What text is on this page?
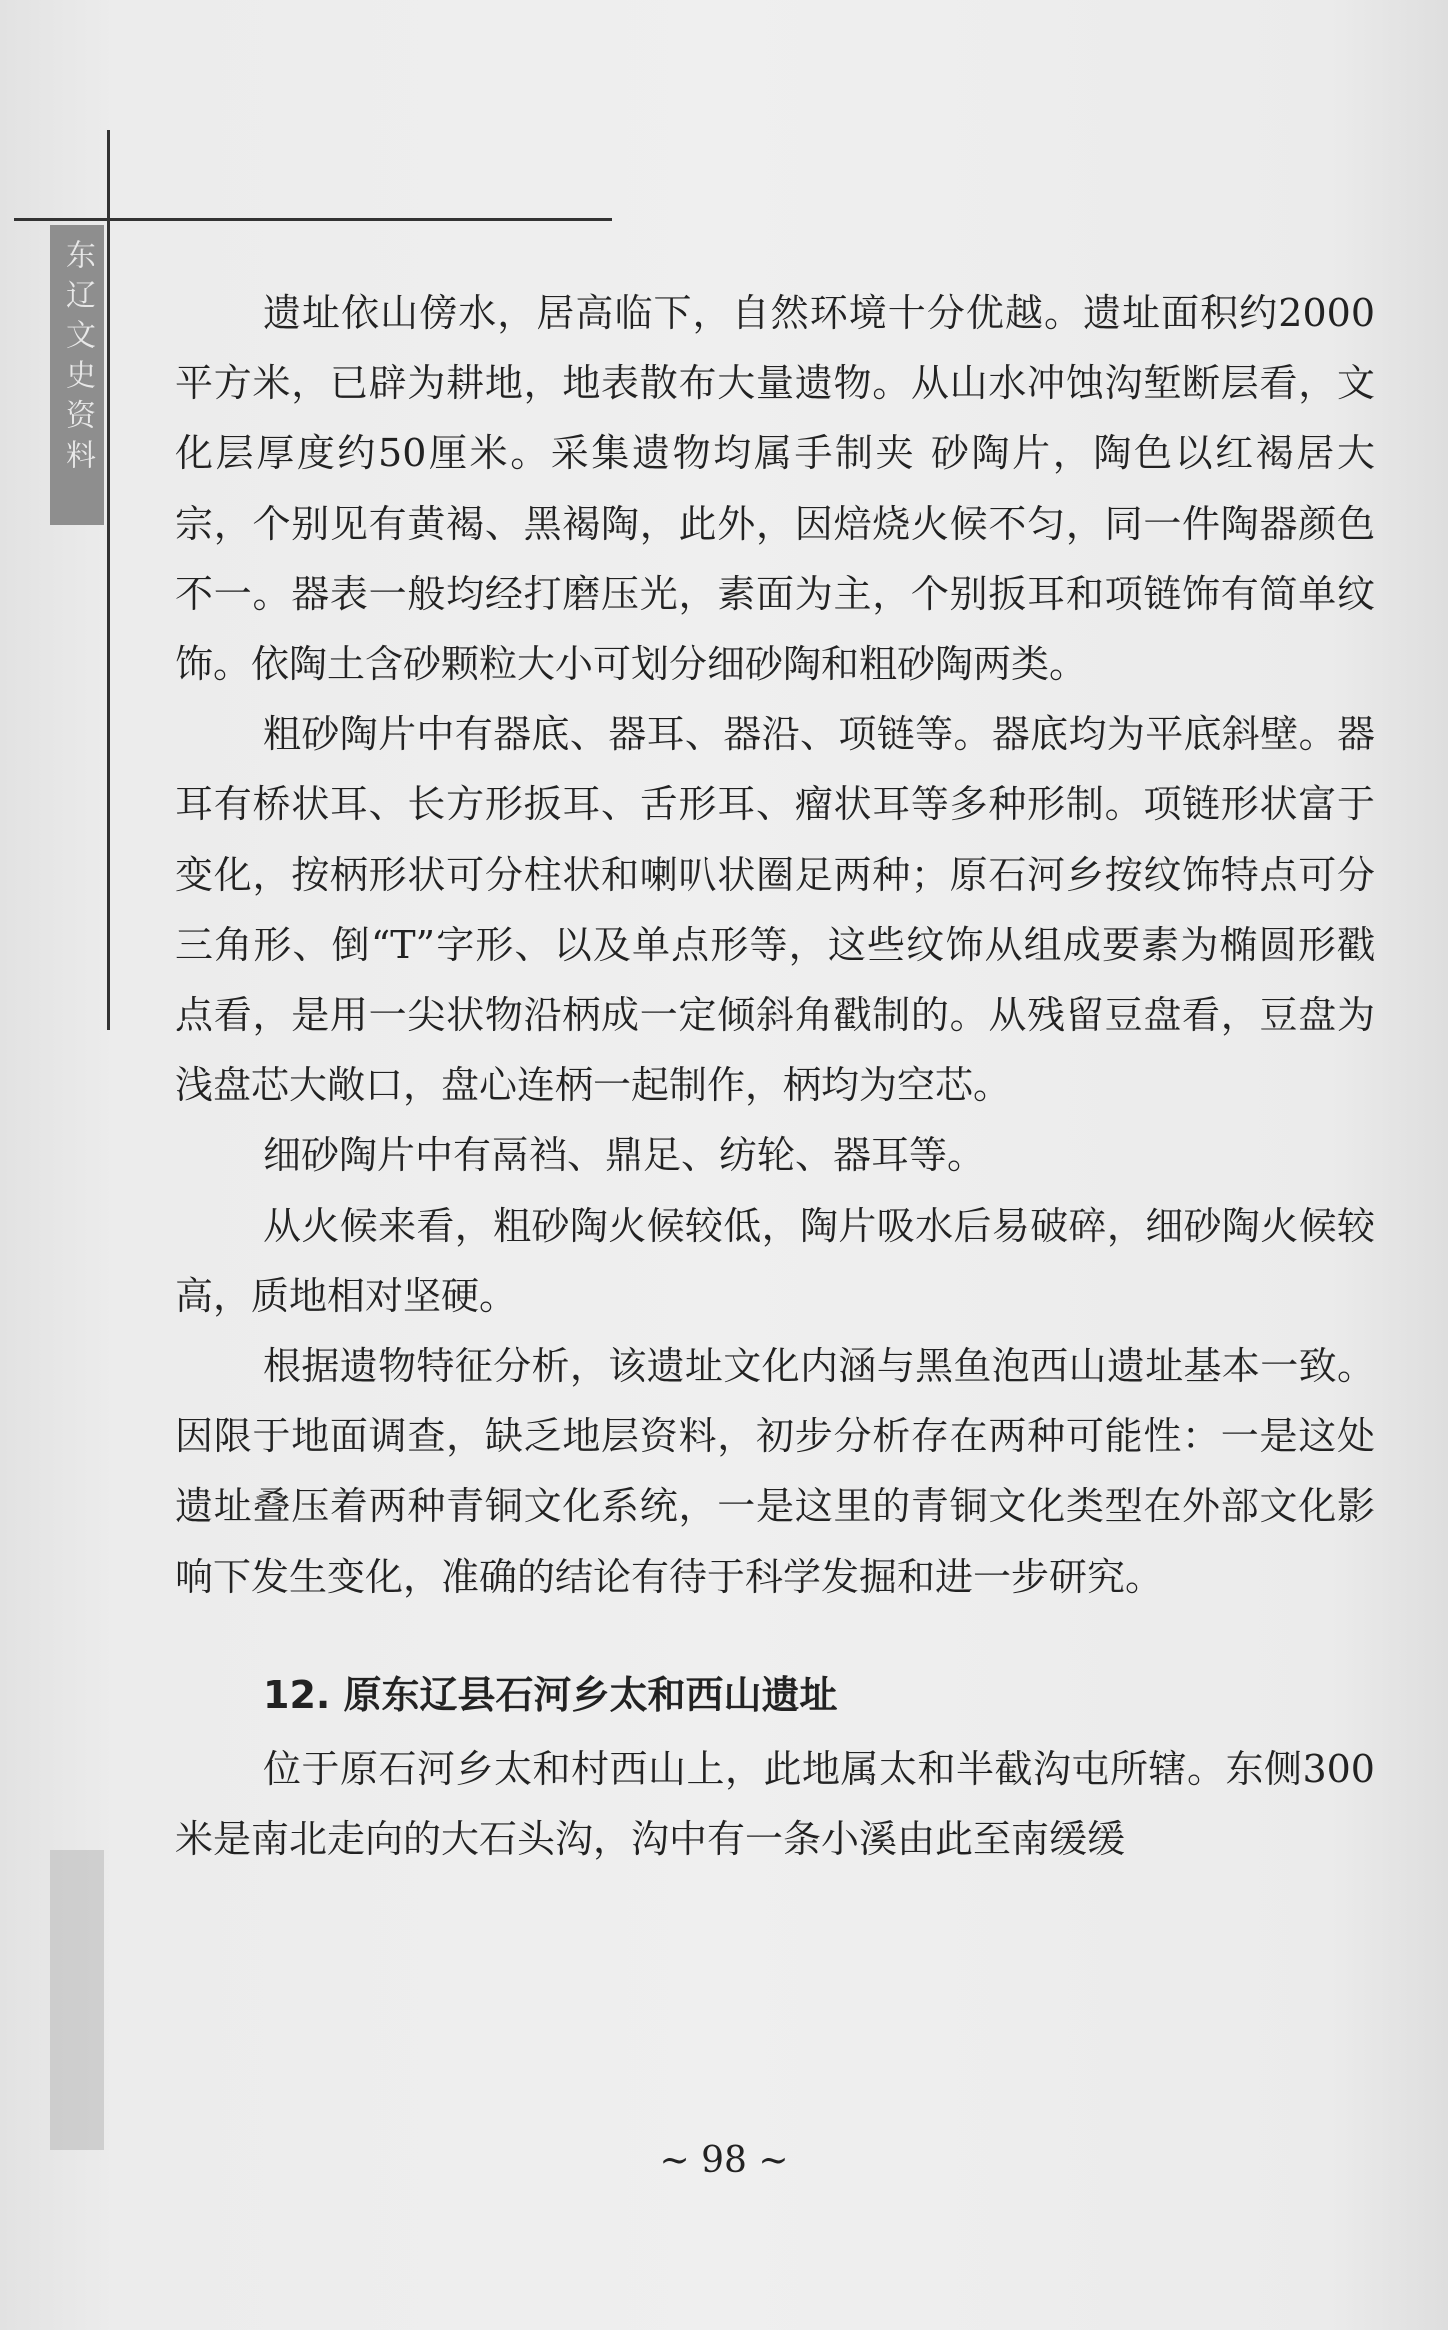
东辽文史资料	遗址依山傍水，居高临下，自然环境十分优越。遗址面积约2000平方米，已辟为耕地，地表散布大量遗物。从山水冲蚀沟堑断层看，文化层厚度约50厘米。采集遗物均属手制夹 砂陶片，陶色以红褐居大宗，个别见有黄褐、黑褐陶，此外，因焙烧火候不匀，同一件陶器颜色不一。器表一般均经打磨压光，素面为主，个别扳耳和项链饰有简单纹饰。依陶土含砂颗粒大小可划分细砂陶和粗砂陶两类。

粗砂陶片中有器底、器耳、器沿、项链等。器底均为平底斜壁。器耳有桥状耳、长方形扳耳、舌形耳、瘤状耳等多种形制。项链形状富于变化，按柄形状可分柱状和喇叭状圈足两种；原石河乡按纹饰特点可分三角形、倒“T”字形、以及单点形等，这些纹饰从组成要素为椭圆形戳点看，是用一尖状物沿柄成一定倾斜角戳制的。从残留豆盘看，豆盘为浅盘芯大敞口，盘心连柄一起制作，柄均为空芯。

细砂陶片中有鬲裆、鼎足、纺轮、器耳等。

从火候来看，粗砂陶火候较低，陶片吸水后易破碎，细砂陶火候较高，质地相对坚硬。

根据遗物特征分析，该遗址文化内涵与黑鱼泡西山遗址基本一致。因限于地面调查，缺乏地层资料，初步分析存在两种可能性：一是这处遗址叠压着两种青铜文化系统，一是这里的青铜文化类型在外部文化影响下发生变化，准确的结论有待于科学发掘和进一步研究。

12. 原东辽县石河乡太和西山遗址

位于原石河乡太和村西山上，此地属太和半截沟屯所辖。东侧300米是南北走向的大石头沟，沟中有一条小溪由此至南缓缓

~ 98 ~
